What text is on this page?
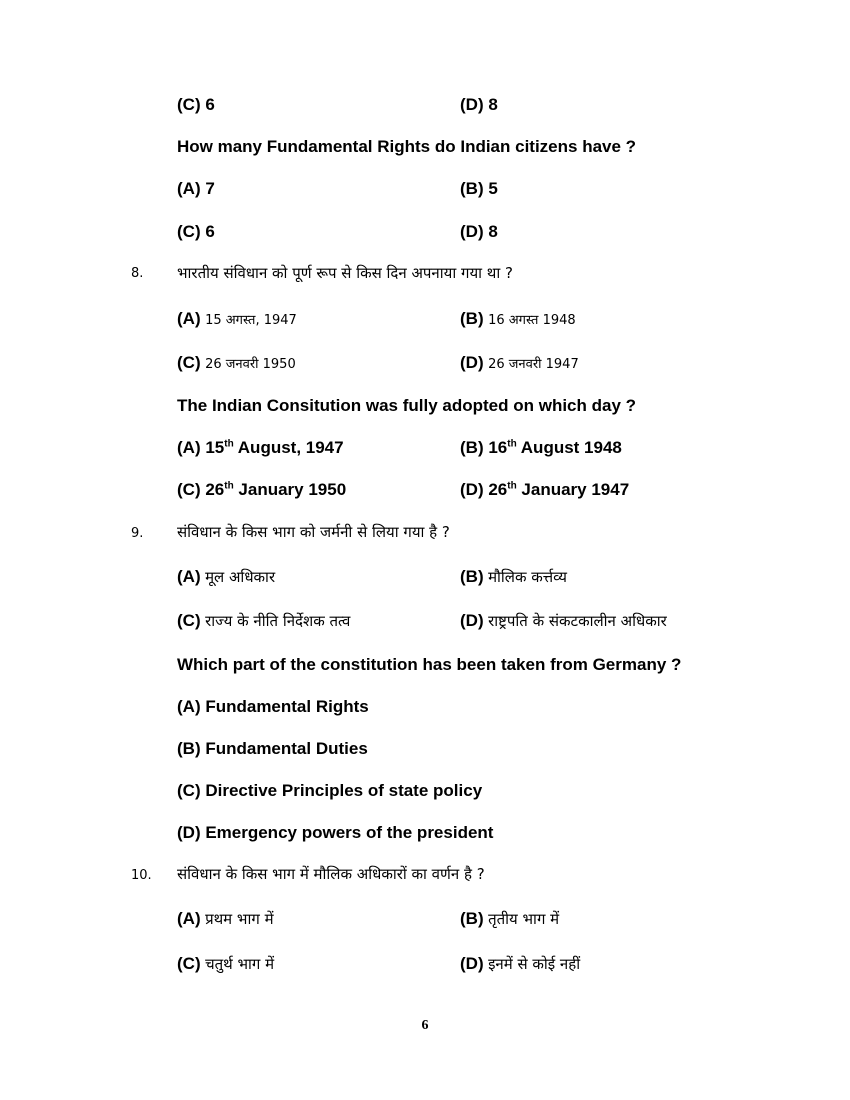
(C) 6	(D) 8
How many Fundamental Rights do Indian citizens have ?
(A) 7	(B) 5
(C) 6	(D) 8
8. भारतीय संविधान को पूर्ण रूप से किस दिन अपनाया गया था ?
(A) 15 अगस्त, 1947	(B) 16 अगस्त 1948
(C) 26 जनवरी 1950	(D) 26 जनवरी 1947
The Indian Consitution was fully adopted on which day ?
(A) 15th August, 1947	(B) 16th August 1948
(C) 26th January 1950	(D) 26th January 1947
9. संविधान के किस भाग को जर्मनी से लिया गया है ?
(A) मूल अधिकार	(B) मौलिक कर्त्तव्य
(C) राज्य के नीति निर्देशक तत्व	(D) राष्ट्रपति के संकटकालीन अधिकार
Which part of the constitution has been taken from Germany ?
(A) Fundamental Rights
(B) Fundamental Duties
(C) Directive Principles of state policy
(D) Emergency powers of the president
10. संविधान के किस भाग में मौलिक अधिकारों का वर्णन है ?
(A) प्रथम भाग में	(B) तृतीय भाग में
(C) चतुर्थ भाग में	(D) इनमें से कोई नहीं
6
